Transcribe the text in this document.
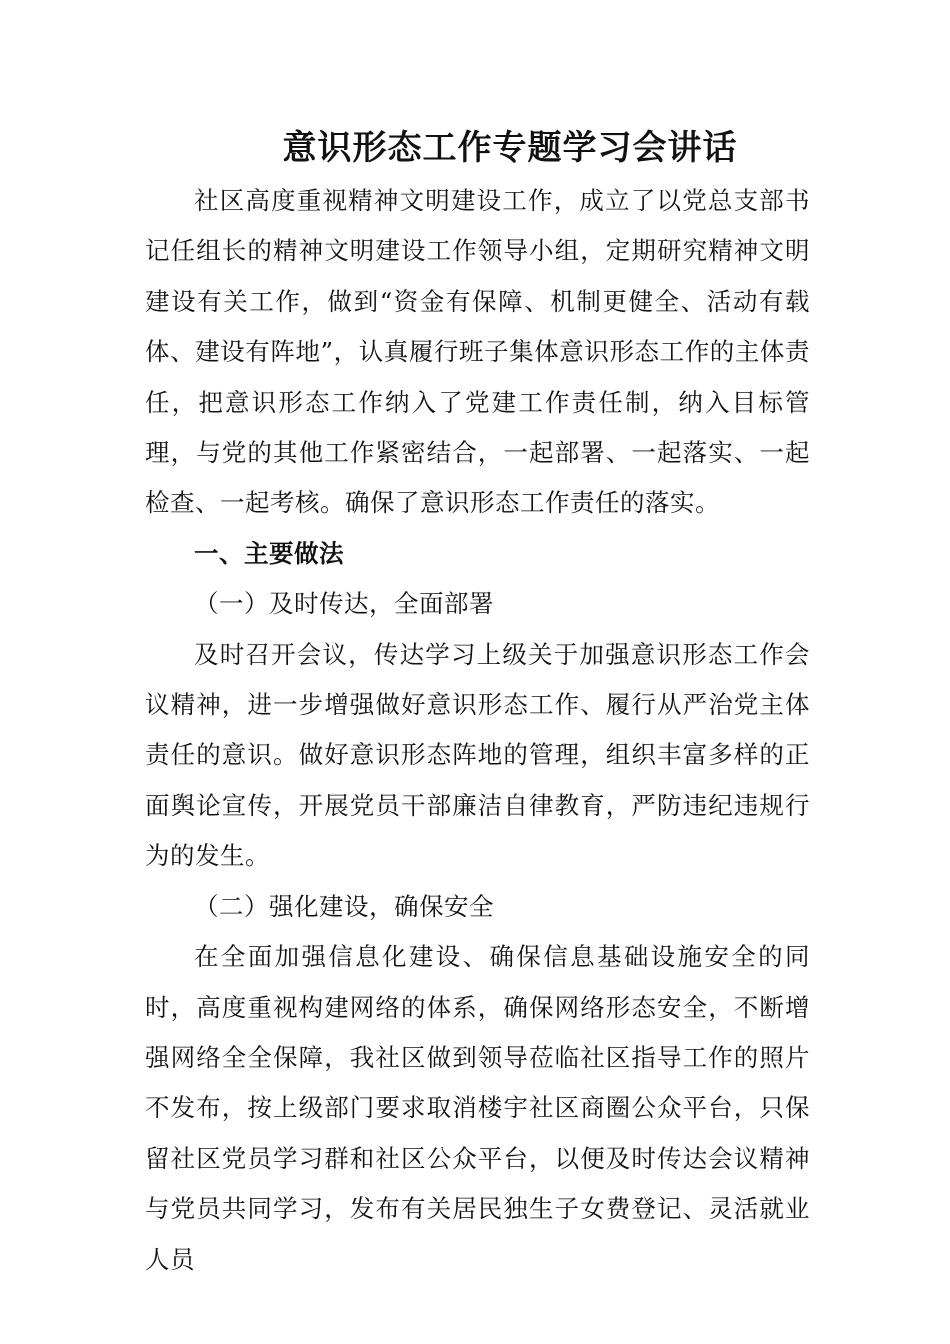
意识形态工作专题学习会讲话

社区高度重视精神文明建设工作，成立了以党总支部书记任组长的精神文明建设工作领导小组，定期研究精神文明建设有关工作，做到“资金有保障、机制更健全、活动有载体、建设有阵地”，认真履行班子集体意识形态工作的主体责任，把意识形态工作纳入了党建工作责任制，纳入目标管理，与党的其他工作紧密结合，一起部署、一起落实、一起检查、一起考核。确保了意识形态工作责任的落实。

一、主要做法

（一）及时传达，全面部署

及时召开会议，传达学习上级关于加强意识形态工作会议精神，进一步增强做好意识形态工作、履行从严治党主体责任的意识。做好意识形态阵地的管理，组织丰富多样的正面舆论宣传，开展党员干部廉洁自律教育，严防违纪违规行为的发生。

（二）强化建设，确保安全

在全面加强信息化建设、确保信息基础设施安全的同时，高度重视构建网络的体系，确保网络形态安全，不断增强网络全全保障，我社区做到领导莅临社区指导工作的照片不发布，按上级部门要求取消楼宇社区商圈公众平台，只保留社区党员学习群和社区公众平台，以便及时传达会议精神与党员共同学习，发布有关居民独生子女费登记、灵活就业人员
